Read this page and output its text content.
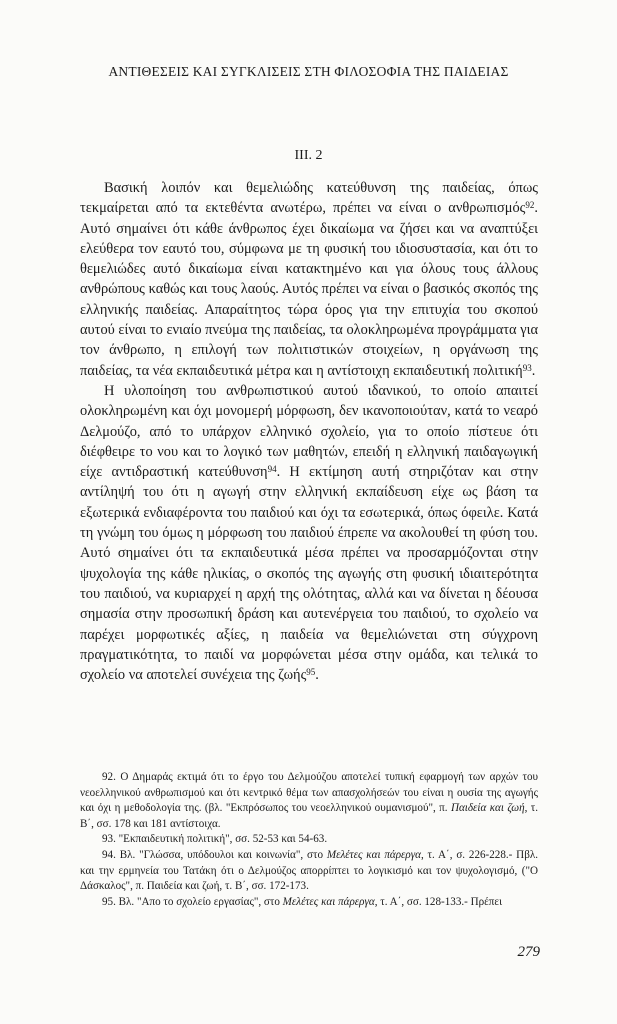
ΑΝΤΙΘΕΣΕΙΣ ΚΑΙ ΣΥΓΚΛΙΣΕΙΣ ΣΤΗ ΦΙΛΟΣΟΦΙΑ ΤΗΣ ΠΑΙΔΕΙΑΣ
III. 2

Βασική λοιπόν και θεμελιώδης κατεύθυνση της παιδείας, όπως τεκμαίρεται από τα εκτεθέντα ανωτέρω, πρέπει να είναι ο ανθρωπισμός$^{92}$. Αυτό σημαίνει ότι κάθε άνθρωπος έχει δικαίωμα να ζήσει και να αναπτύξει ελεύθερα τον εαυτό του, σύμφωνα με τη φυσική του ιδιοσυστασία, και ότι το θεμελιώδες αυτό δικαίωμα είναι κατακτημένο και για όλους τους άλλους ανθρώπους καθώς και τους λαούς. Αυτός πρέπει να είναι ο βασικός σκοπός της ελληνικής παιδείας. Απαραίτητος τώρα όρος για την επιτυχία του σκοπού αυτού είναι το ενιαίο πνεύμα της παιδείας, τα ολοκληρωμένα προγράμματα για τον άνθρωπο, η επιλογή των πολιτιστικών στοιχείων, η οργάνωση της παιδείας, τα νέα εκπαιδευτικά μέτρα και η αντίστοιχη εκπαιδευτική πολιτική$^{93}$.

Η υλοποίηση του ανθρωπιστικού αυτού ιδανικού, το οποίο απαιτεί ολοκληρωμένη και όχι μονομερή μόρφωση, δεν ικανοποιούταν, κατά το νεαρό Δελμούζο, από το υπάρχον ελληνικό σχολείο, για το οποίο πίστευε ότι διέφθειρε το νου και το λογικό των μαθητών, επειδή η ελληνική παιδαγωγική είχε αντιδραστική κατεύθυνση$^{94}$. Η εκτίμηση αυτή στηριζόταν και στην αντίληψή του ότι η αγωγή στην ελληνική εκπαίδευση είχε ως βάση τα εξωτερικά ενδιαφέροντα του παιδιού και όχι τα εσωτερικά, όπως όφειλε. Κατά τη γνώμη του όμως η μόρφωση του παιδιού έπρεπε να ακολουθεί τη φύση του. Αυτό σημαίνει ότι τα εκπαιδευτικά μέσα πρέπει να προσαρμόζονται στην ψυχολογία της κάθε ηλικίας, ο σκοπός της αγωγής στη φυσική ιδιαιτερότητα του παιδιού, να κυριαρχεί η αρχή της ολότητας, αλλά και να δίνεται η δέουσα σημασία στην προσωπική δράση και αυτενέργεια του παιδιού, το σχολείο να παρέχει μορφωτικές αξίες, η παιδεία να θεμελιώνεται στη σύγχρονη πραγματικότητα, το παιδί να μορφώνεται μέσα στην ομάδα, και τελικά το σχολείο να αποτελεί συνέχεια της ζωής$^{95}$.

92. Ο Δημαράς εκτιμά ότι το έργο του Δελμούζου αποτελεί τυπική εφαρμογή των αρχών του νεοελληνικού ανθρωπισμού και ότι κεντρικό θέμα των απασχολήσεών του είναι η ουσία της αγωγής και όχι η μεθοδολογία της. (βλ. "Εκπρόσωπος του νεοελληνικού ουμανισμού", π. Παιδεία και ζωή, τ. Β΄, σσ. 178 και 181 αντίστοιχα.

93. "Εκπαιδευτική πολιτική", σσ. 52-53 και 54-63.

94. Βλ. "Γλώσσα, υπόδουλοι και κοινωνία", στο Μελέτες και πάρεργα, τ. Α΄, σ. 226-228.- Πβλ. και την ερμηνεία του Τατάκη ότι ο Δελμούζος απορρίπτει το λογικισμό και τον ψυχολογισμό, ("Ο Δάσκαλος", π. Παιδεία και ζωή, τ. Β΄, σσ. 172-173.

95. Βλ. "Απο το σχολείο εργασίας", στο Μελέτες και πάρεργα, τ. Α΄, σσ. 128-133.- Πρέπει

279
